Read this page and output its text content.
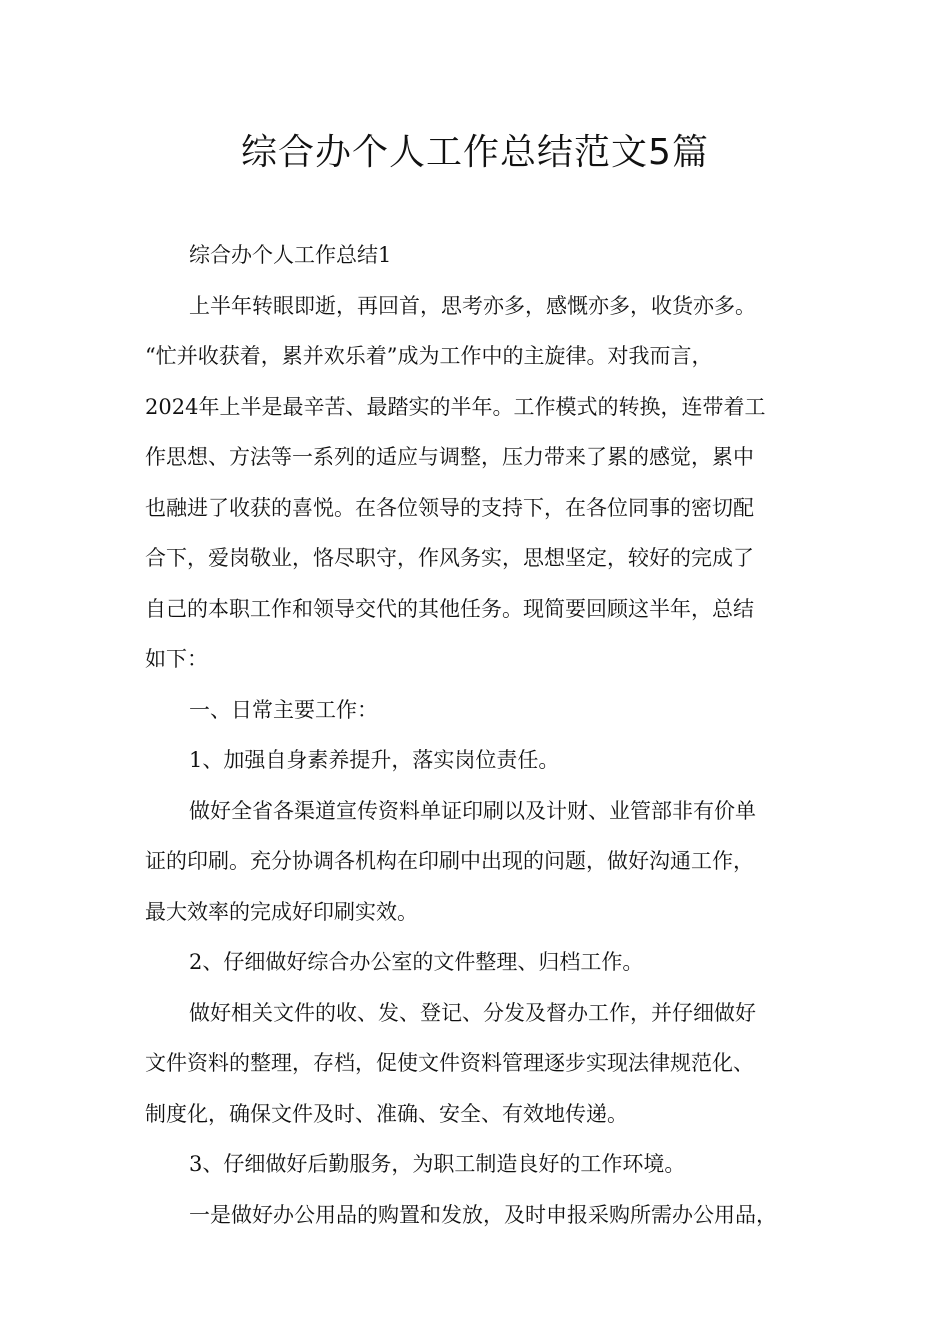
综合办个人工作总结范文5篇

综合办个人工作总结1

上半年转眼即逝，再回首，思考亦多，感慨亦多，收货亦多。

“忙并收获着，累并欢乐着”成为工作中的主旋律。对我而言，

2024年上半是最辛苦、最踏实的半年。工作模式的转换，连带着工

作思想、方法等一系列的适应与调整，压力带来了累的感觉，累中

也融进了收获的喜悦。在各位领导的支持下，在各位同事的密切配

合下，爱岗敬业，恪尽职守，作风务实，思想坚定，较好的完成了

自己的本职工作和领导交代的其他任务。现简要回顾这半年，总结

如下：

一、日常主要工作：

1、加强自身素养提升，落实岗位责任。

做好全省各渠道宣传资料单证印刷以及计财、业管部非有价单

证的印刷。充分协调各机构在印刷中出现的问题，做好沟通工作，

最大效率的完成好印刷实效。

2、仔细做好综合办公室的文件整理、归档工作。

做好相关文件的收、发、登记、分发及督办工作，并仔细做好

文件资料的整理，存档，促使文件资料管理逐步实现法律规范化、

制度化，确保文件及时、准确、安全、有效地传递。

3、仔细做好后勤服务，为职工制造良好的工作环境。

一是做好办公用品的购置和发放，及时申报采购所需办公用品，
